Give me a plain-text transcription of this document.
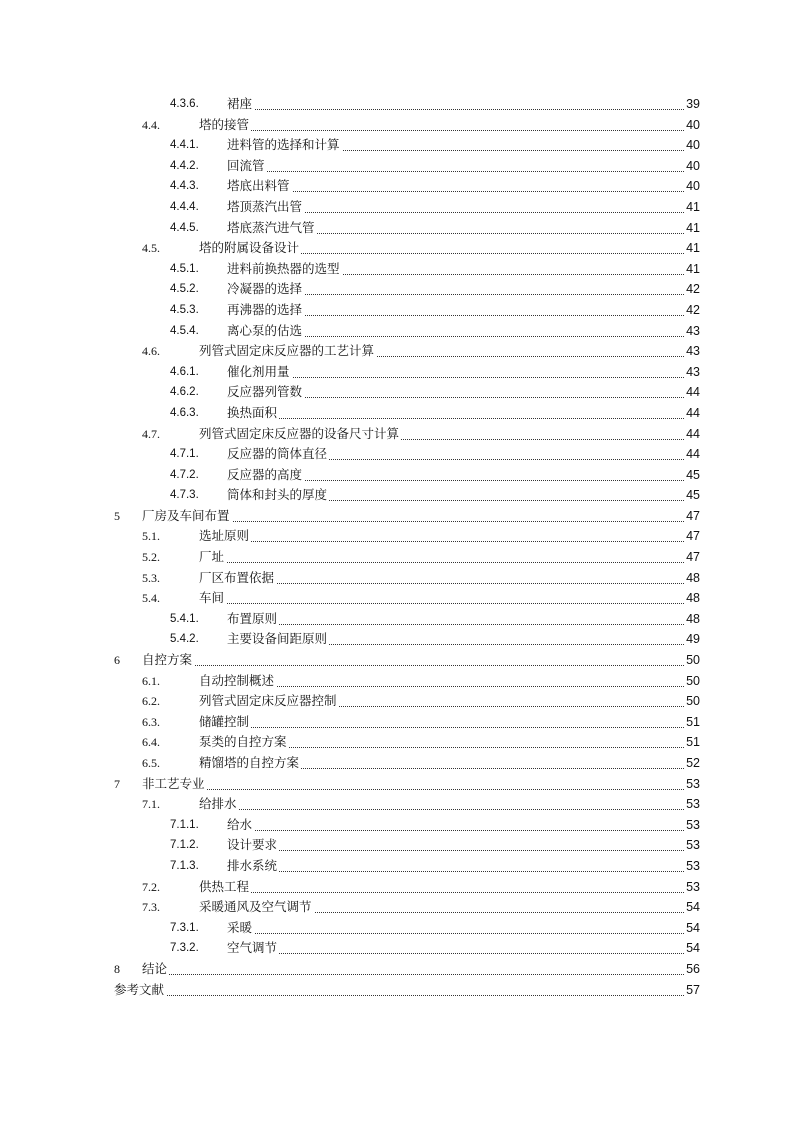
4.3.6. 裙座	39
4.4.	塔的接管	40
4.4.1. 进料管的选择和计算	40
4.4.2. 回流管	40
4.4.3. 塔底出料管	40
4.4.4. 塔顶蒸汽出管	41
4.4.5. 塔底蒸汽进气管	41
4.5.	塔的附属设备设计	41
4.5.1. 进料前换热器的选型	41
4.5.2. 冷凝器的选择	42
4.5.3. 再沸器的选择	42
4.5.4. 离心泵的估选	43
4.6.	列管式固定床反应器的工艺计算	43
4.6.1. 催化剂用量	43
4.6.2. 反应器列管数	44
4.6.3. 换热面积	44
4.7.	列管式固定床反应器的设备尺寸计算	44
4.7.1. 反应器的筒体直径	44
4.7.2. 反应器的高度	45
4.7.3. 筒体和封头的厚度	45
5 厂房及车间布置	47
5.1.	选址原则	47
5.2.	厂址	47
5.3.	厂区布置依据	48
5.4.	车间	48
5.4.1. 布置原则	48
5.4.2. 主要设备间距原则	49
6 自控方案	50
6.1.	自动控制概述	50
6.2.	列管式固定床反应器控制	50
6.3.	储罐控制	51
6.4.	泵类的自控方案	51
6.5.	精馏塔的自控方案	52
7 非工艺专业	53
7.1.	给排水	53
7.1.1. 给水	53
7.1.2. 设计要求	53
7.1.3. 排水系统	53
7.2.	供热工程	53
7.3.	采暖通风及空气调节	54
7.3.1. 采暖	54
7.3.2. 空气调节	54
8 结论	56
参考文献	57
